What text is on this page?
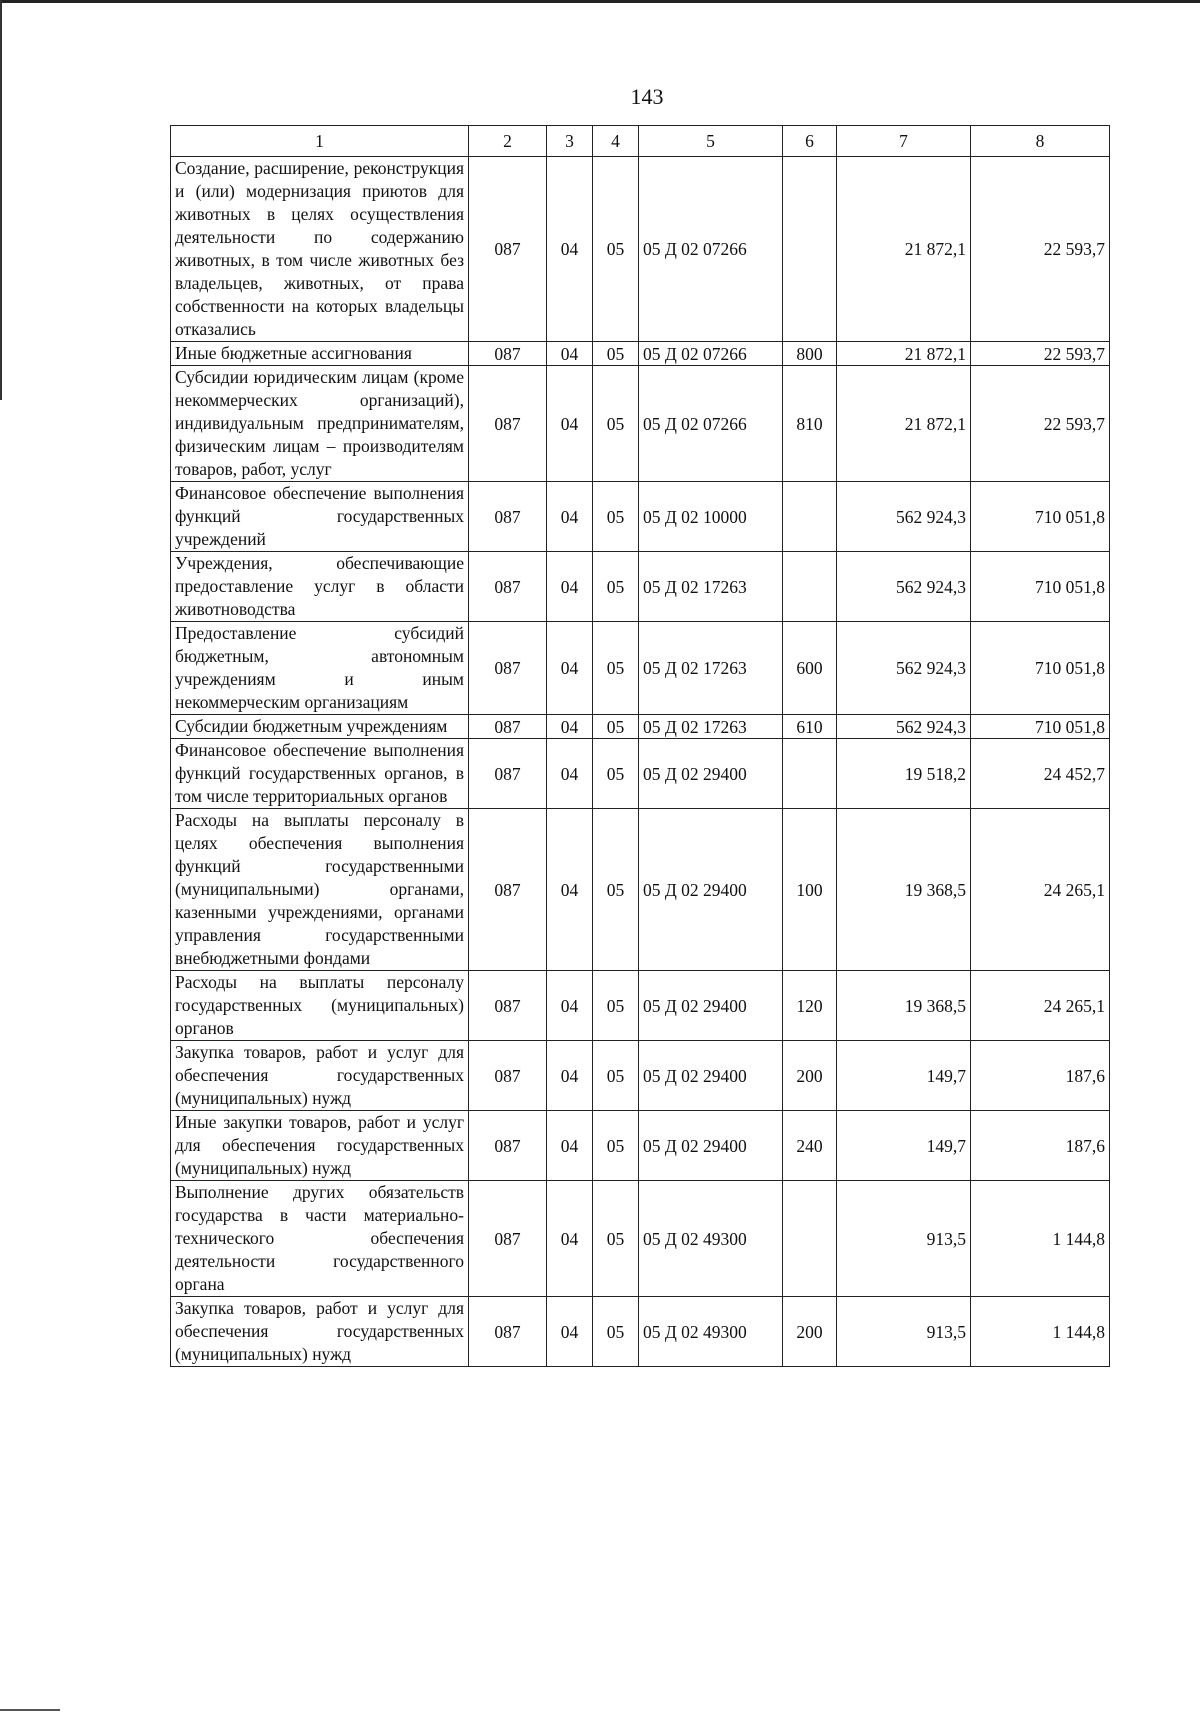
143
1	2	3	4	5	6	7	8
Создание, расширение, реконструкция и (или) модернизация приютов для животных в целях осуществления деятельности по содержанию животных, в том числе животных без владельцев, животных, от права собственности на которых владельцы отказались	087	04	05	05 Д 02 07266		21 872,1	22 593,7
Иные бюджетные ассигнования	087	04	05	05 Д 02 07266	800	21 872,1	22 593,7
Субсидии юридическим лицам (кроме некоммерческих организаций), индивидуальным предпринимателям, физическим лицам – производителям товаров, работ, услуг	087	04	05	05 Д 02 07266	810	21 872,1	22 593,7
Финансовое обеспечение выполнения функций государственных учреждений	087	04	05	05 Д 02 10000		562 924,3	710 051,8
Учреждения, обеспечивающие предоставление услуг в области животноводства	087	04	05	05 Д 02 17263		562 924,3	710 051,8
Предоставление субсидий бюджетным, автономным учреждениям и иным некоммерческим организациям	087	04	05	05 Д 02 17263	600	562 924,3	710 051,8
Субсидии бюджетным учреждениям	087	04	05	05 Д 02 17263	610	562 924,3	710 051,8
Финансовое обеспечение выполнения функций государственных органов, в том числе территориальных органов	087	04	05	05 Д 02 29400		19 518,2	24 452,7
Расходы на выплаты персоналу в целях обеспечения выполнения функций государственными (муниципальными) органами, казенными учреждениями, органами управления государственными внебюджетными фондами	087	04	05	05 Д 02 29400	100	19 368,5	24 265,1
Расходы на выплаты персоналу государственных (муниципальных) органов	087	04	05	05 Д 02 29400	120	19 368,5	24 265,1
Закупка товаров, работ и услуг для обеспечения государственных (муниципальных) нужд	087	04	05	05 Д 02 29400	200	149,7	187,6
Иные закупки товаров, работ и услуг для обеспечения государственных (муниципальных) нужд	087	04	05	05 Д 02 29400	240	149,7	187,6
Выполнение других обязательств государства в части материально-технического обеспечения деятельности государственного органа	087	04	05	05 Д 02 49300		913,5	1 144,8
Закупка товаров, работ и услуг для обеспечения государственных (муниципальных) нужд	087	04	05	05 Д 02 49300	200	913,5	1 144,8
